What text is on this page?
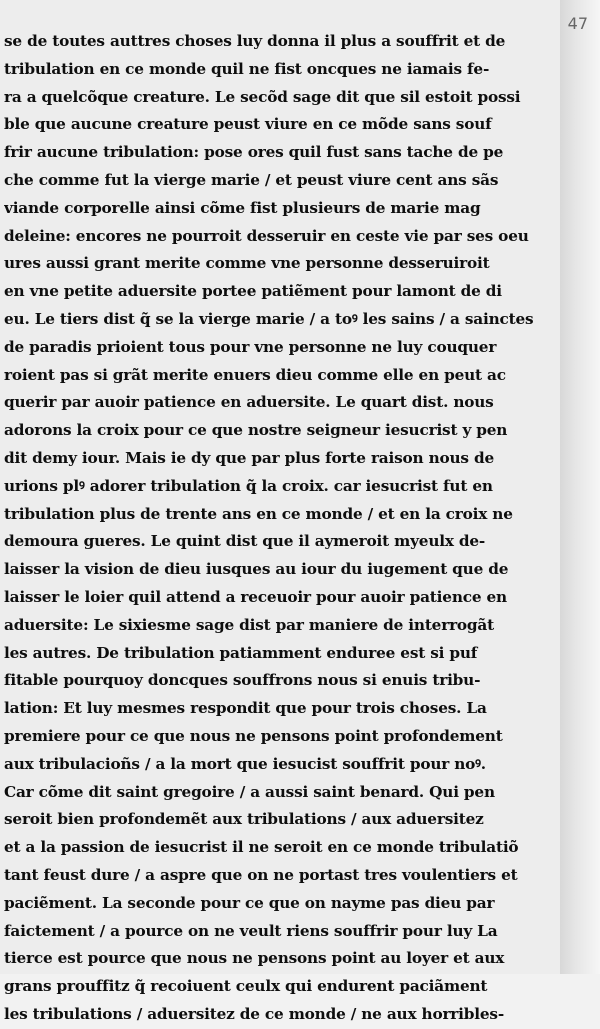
se de toutes auttres choses luy donna il plus a souffrit et de
tribulation en ce monde quil ne fist oncques ne iamais fe-
ra a quelcõque creature. Le secõd sage dit que sil estoit possi
ble que aucune creature peust viure en ce mõde sans souf
frir aucune tribulation: pose ores quil fust sans tache de pe
che comme fut la vierge marie / et peust viure cent ans sãs
viande corporelle ainsi cõme fist plusieurs de marie mag
deleine: encores ne pourroit desseruir en ceste vie par ses oeu
ures aussi grant merite comme vne personne desseruiroit
en vne petite aduersite portee patiẽment pour lamont de di
eu. Le tiers dist q̃ se la vierge marie / a toꝰ les sains / a sainctes
de paradis prioient tous pour vne personne ne luy couquer
roient pas si grãt merite enuers dieu comme elle en peut ac
querir par auoir patience en aduersite. Le quart dist. nous
adorons la croix pour ce que nostre seigneur iesucrist y pen
dit demy iour. Mais ie dy que par plus forte raison nous de
urions plꝰ adorer tribulation q̃ la croix. car iesucrist fut en
tribulation plus de trente ans en ce monde / et en la croix ne
demoura gueres. Le quint dist que il aymeroit myeulx de-
laisser la vision de dieu iusques au iour du iugement que de
laisser le loier quil attend a receuoir pour auoir patience en
aduersite: Le sixiesme sage dist par maniere de interrogãt
les autres. De tribulation patiamment enduree est si puf
fitable pourquoy doncques souffrons nous si enuis tribu-
lation: Et luy mesmes respondit que pour trois choses. La
premiere pour ce que nous ne pensons point profondement
aux tribulacioñs / a la mort que iesucist souffrit pour noꝰ.
Car cõme dit saint gregoire / a aussi saint benard. Qui pen
seroit bien profondemẽt aux tribulations / aux aduersitez
et a la passion de iesucrist il ne seroit en ce monde tribulatiõ
tant feust dure / a aspre que on ne portast tres voulentiers et
paciẽment. La seconde pour ce que on nayme pas dieu par
faictement / a pource on ne veult riens souffrir pour luy La
tierce est pource que nous ne pensons point au loyer et aux
grans prouffitz q̃ recoiuent ceulx qui endurent paciãment
les tribulations / aduersitez de ce monde / ne aux horribles-
47
